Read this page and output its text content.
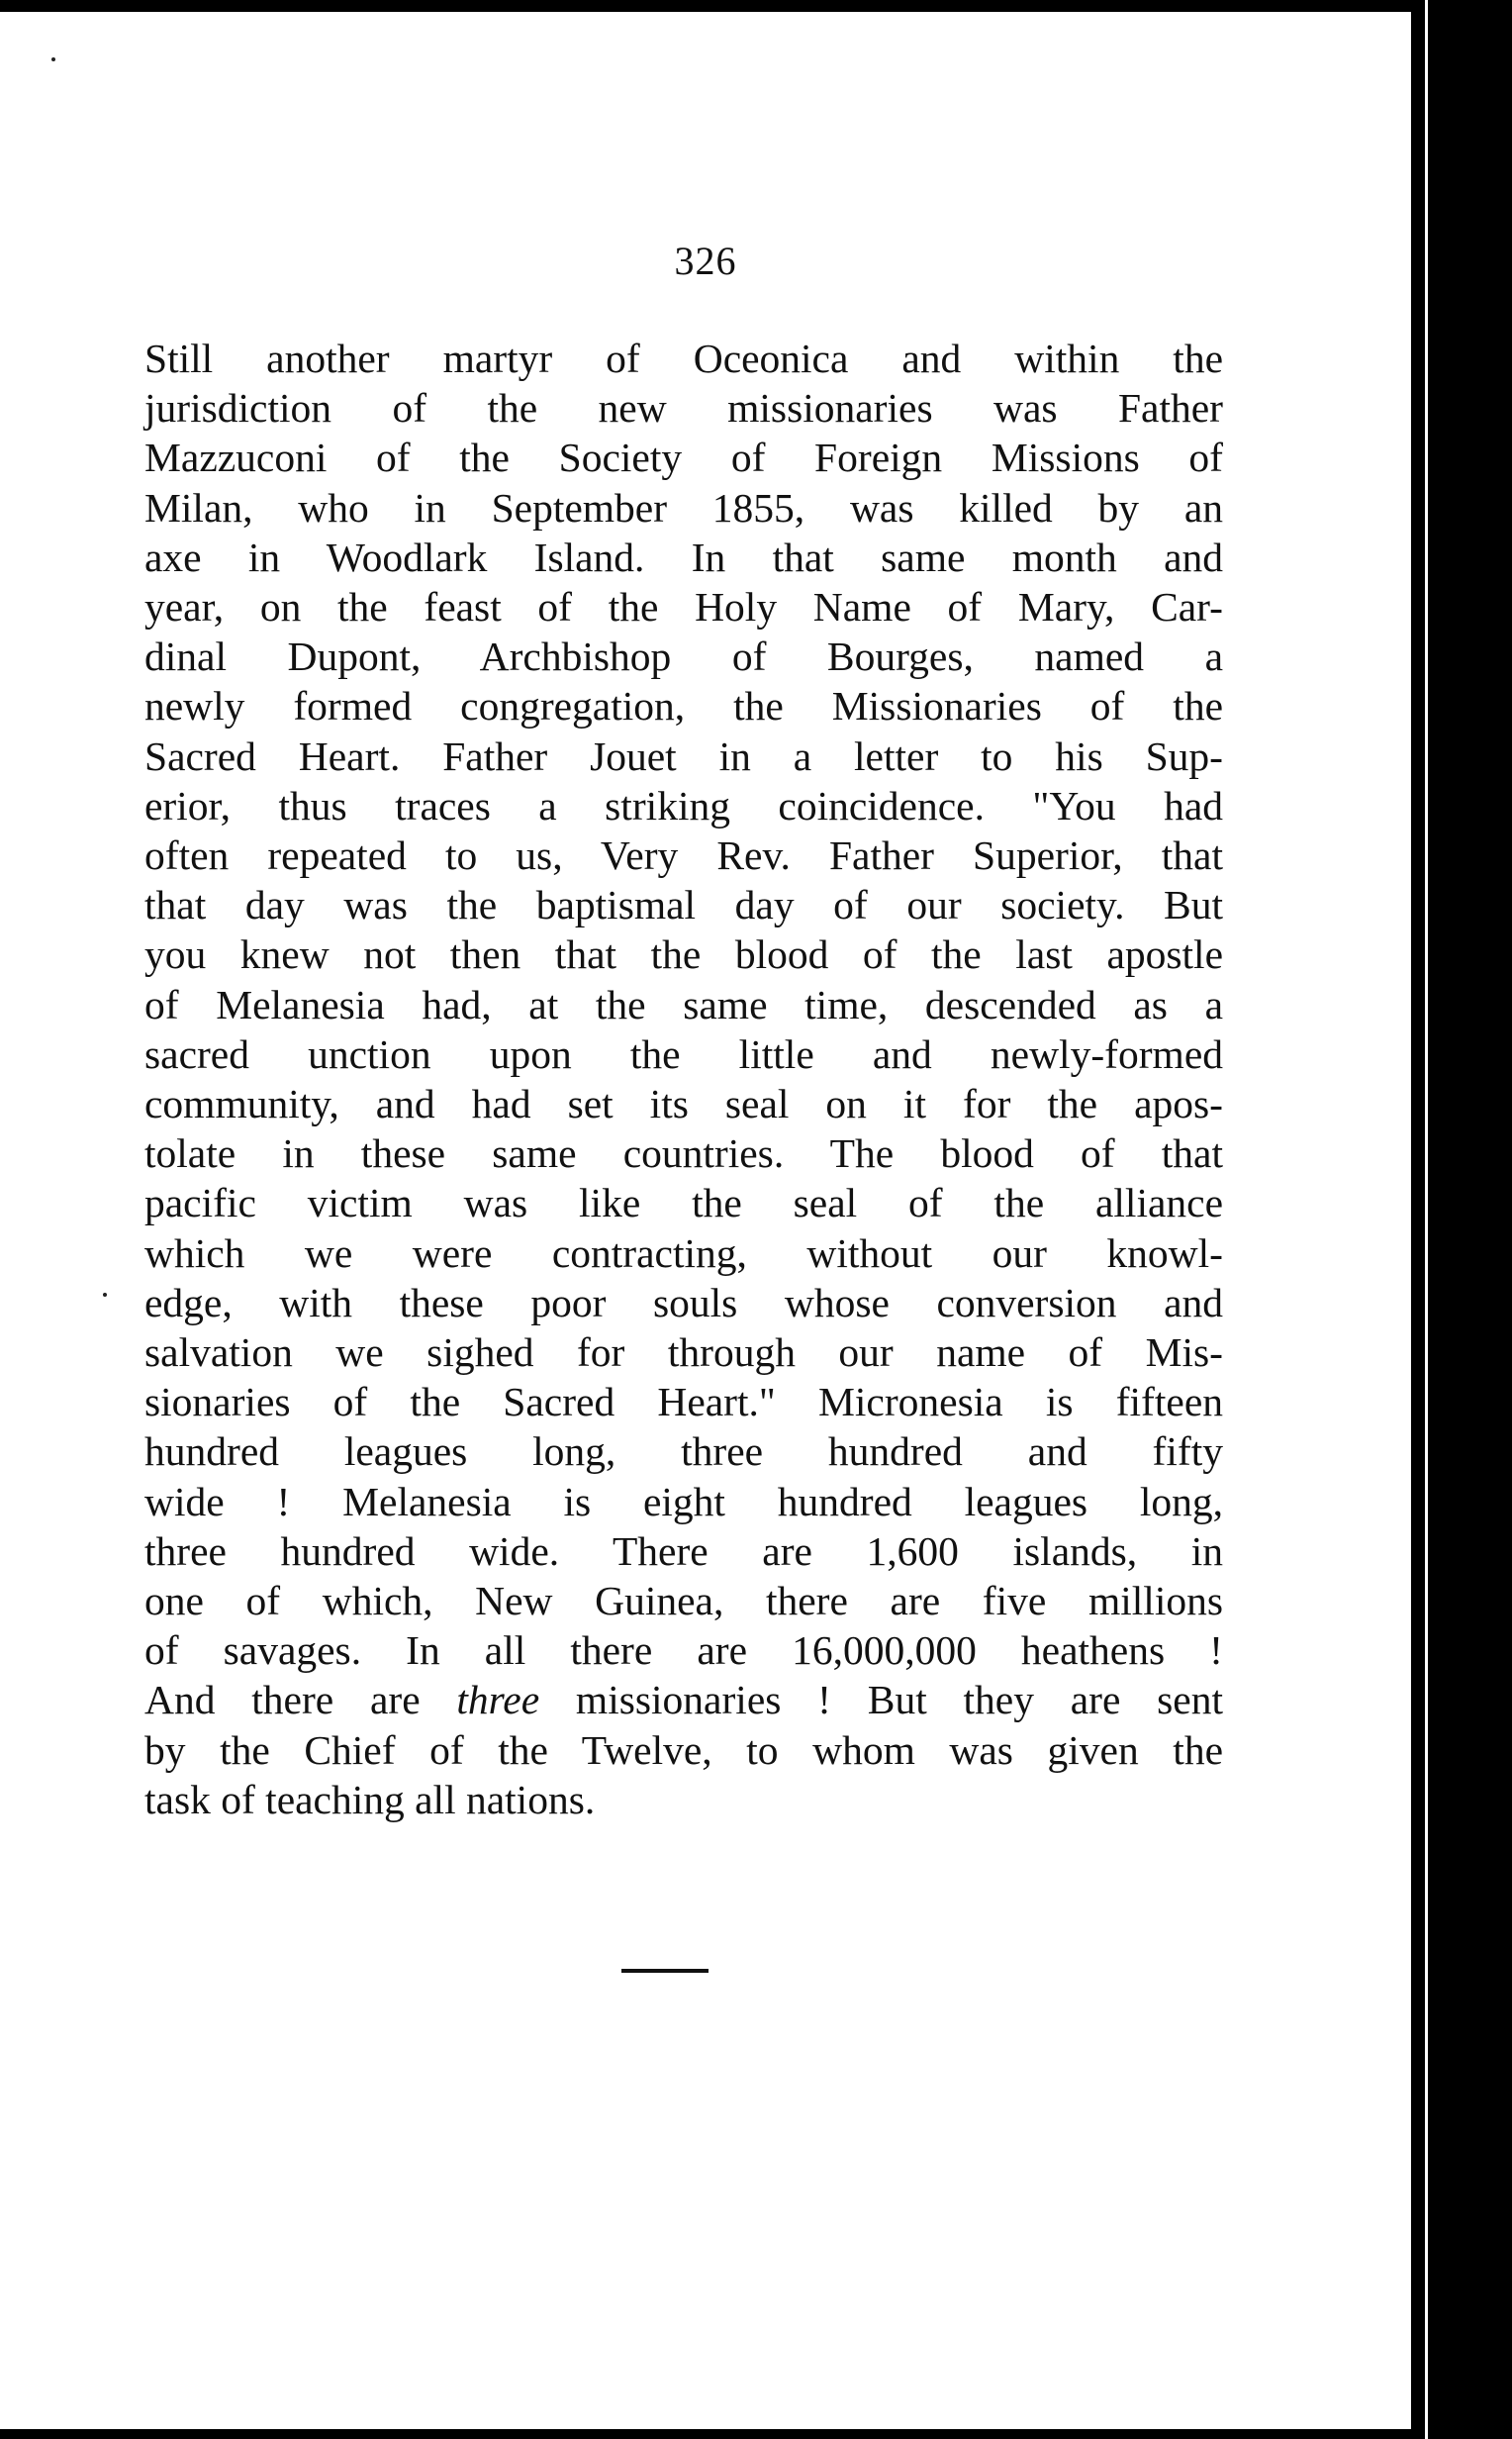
326
Still another martyr of Oceonica and within the
jurisdiction of the new missionaries was Father
Mazzuconi of the Society of Foreign Missions of
Milan, who in September 1855, was killed by an
axe in Woodlark Island. In that same month and
year, on the feast of the Holy Name of Mary, Car-
dinal Dupont, Archbishop of Bourges, named a
newly formed congregation, the Missionaries of the
Sacred Heart. Father Jouet in a letter to his Sup-
erior, thus traces a striking coincidence. "You had
often repeated to us, Very Rev. Father Superior, that
that day was the baptismal day of our society. But
you knew not then that the blood of the last apostle
of Melanesia had, at the same time, descended as a
sacred unction upon the little and newly-formed
community, and had set its seal on it for the apos-
tolate in these same countries. The blood of that
pacific victim was like the seal of the alliance
which we were contracting, without our knowl-
edge, with these poor souls whose conversion and
salvation we sighed for through our name of Mis-
sionaries of the Sacred Heart." Micronesia is fifteen
hundred leagues long, three hundred and fifty
wide ! Melanesia is eight hundred leagues long,
three hundred wide. There are 1,600 islands, in
one of which, New Guinea, there are five millions
of savages. In all there are 16,000,000 heathens !
And there are three missionaries ! But they are sent
by the Chief of the Twelve, to whom was given the
task of teaching all nations.
